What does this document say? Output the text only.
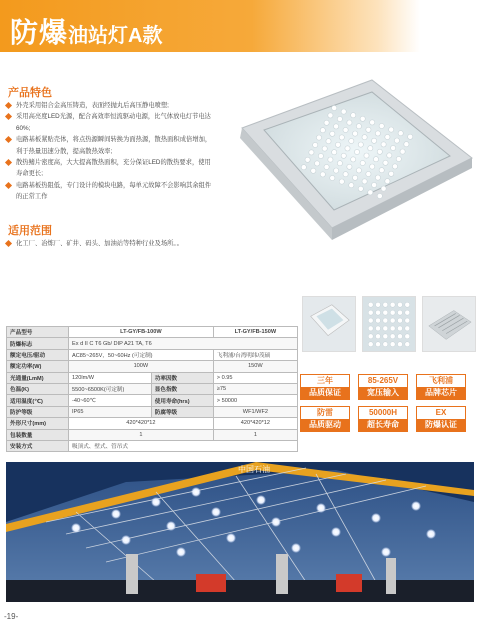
防爆油站灯A款
产品特色
外壳采用铝合金高压铸造，表面经抛丸后高压静电喷塑;
采用高亮度LED光源，配合高效率恒流驱动电源，比气体放电灯节电达60%;
电路基板紧贴壳体，将点热源瞬间转换为面热源，散热面积成倍增加，利于热量迅速分散，提高散热效率;
散热鳍片密度高，大大提高散热面积，充分保证LED的散热要求，使用寿命更长;
电路基板热阻低，专门设计的模块电路，每单元故障不会影响其余组件的正常工作
适用范围
化工厂、冶炼厂、矿井、码头、加油站等特种行业及场所。。
产品型号	LT-GY/FB-100W		LT-GY/FB-150W
防爆标志	Ex d II C T6 Gb/ DIP A21 TA, T6		
额定电压/驱动	AC85~265V，50~60Hz (可定制)		飞利浦/台湾明纬/茂硕
额定功率(W)	100W		150W
光通量(LmM)	120lm/W	功率因数	> 0.95
色温(K)	5500~6500K(可定制)	显色指数	≥75
适用温度(℃)	-40~60℃	使用寿命(hrs)	> 50000
防护等级	IP65	防腐等级	WF1/WF2
外形尺寸(mm)	420*420*12		420*420*12
包装数量	1		1
安装方式	吸顶式、壁式、管吊式		
三年
品质保证
85-265V
宽压输入
飞利浦
品牌芯片
防雷
品质驱动
50000H
超长寿命
EX
防爆认证
中国石油
-19-
